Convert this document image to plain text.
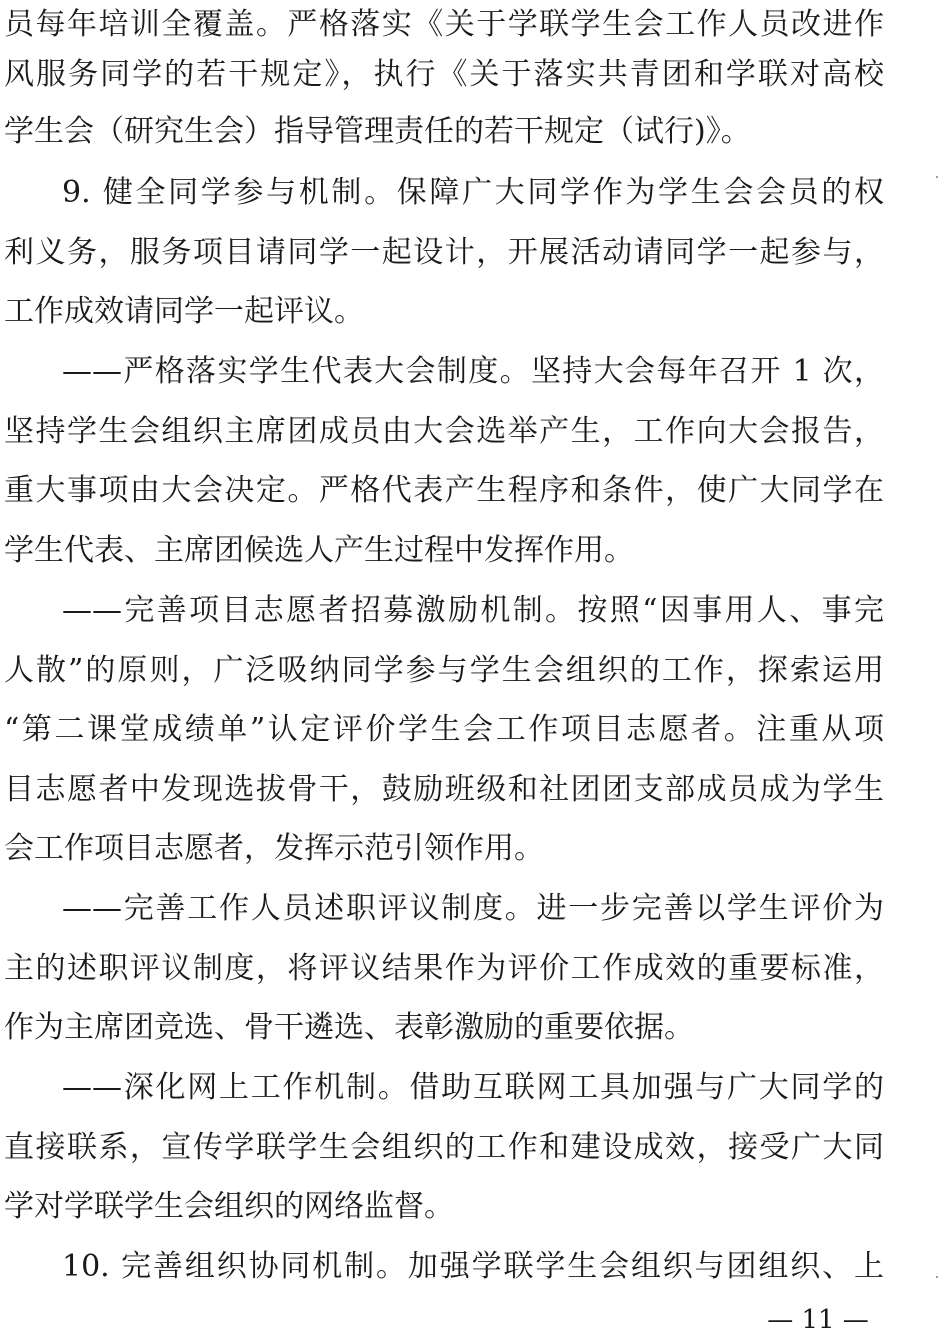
员每年培训全覆盖。严格落实《关于学联学生会工作人员改进作
风服务同学的若干规定》，执行《关于落实共青团和学联对高校
学生会（研究生会）指导管理责任的若干规定（试行)》。
9. 健全同学参与机制。保障广大同学作为学生会会员的权
利义务，服务项目请同学一起设计，开展活动请同学一起参与，
工作成效请同学一起评议。
——严格落实学生代表大会制度。坚持大会每年召开 1 次，
坚持学生会组织主席团成员由大会选举产生，工作向大会报告，
重大事项由大会决定。严格代表产生程序和条件，使广大同学在
学生代表、主席团候选人产生过程中发挥作用。
——完善项目志愿者招募激励机制。按照“因事用人、事完
人散”的原则，广泛吸纳同学参与学生会组织的工作，探索运用
“第二课堂成绩单”认定评价学生会工作项目志愿者。注重从项
目志愿者中发现选拔骨干，鼓励班级和社团团支部成员成为学生
会工作项目志愿者，发挥示范引领作用。
——完善工作人员述职评议制度。进一步完善以学生评价为
主的述职评议制度，将评议结果作为评价工作成效的重要标准，
作为主席团竞选、骨干遴选、表彰激励的重要依据。
——深化网上工作机制。借助互联网工具加强与广大同学的
直接联系，宣传学联学生会组织的工作和建设成效，接受广大同
学对学联学生会组织的网络监督。
10. 完善组织协同机制。加强学联学生会组织与团组织、上
— 11 —
